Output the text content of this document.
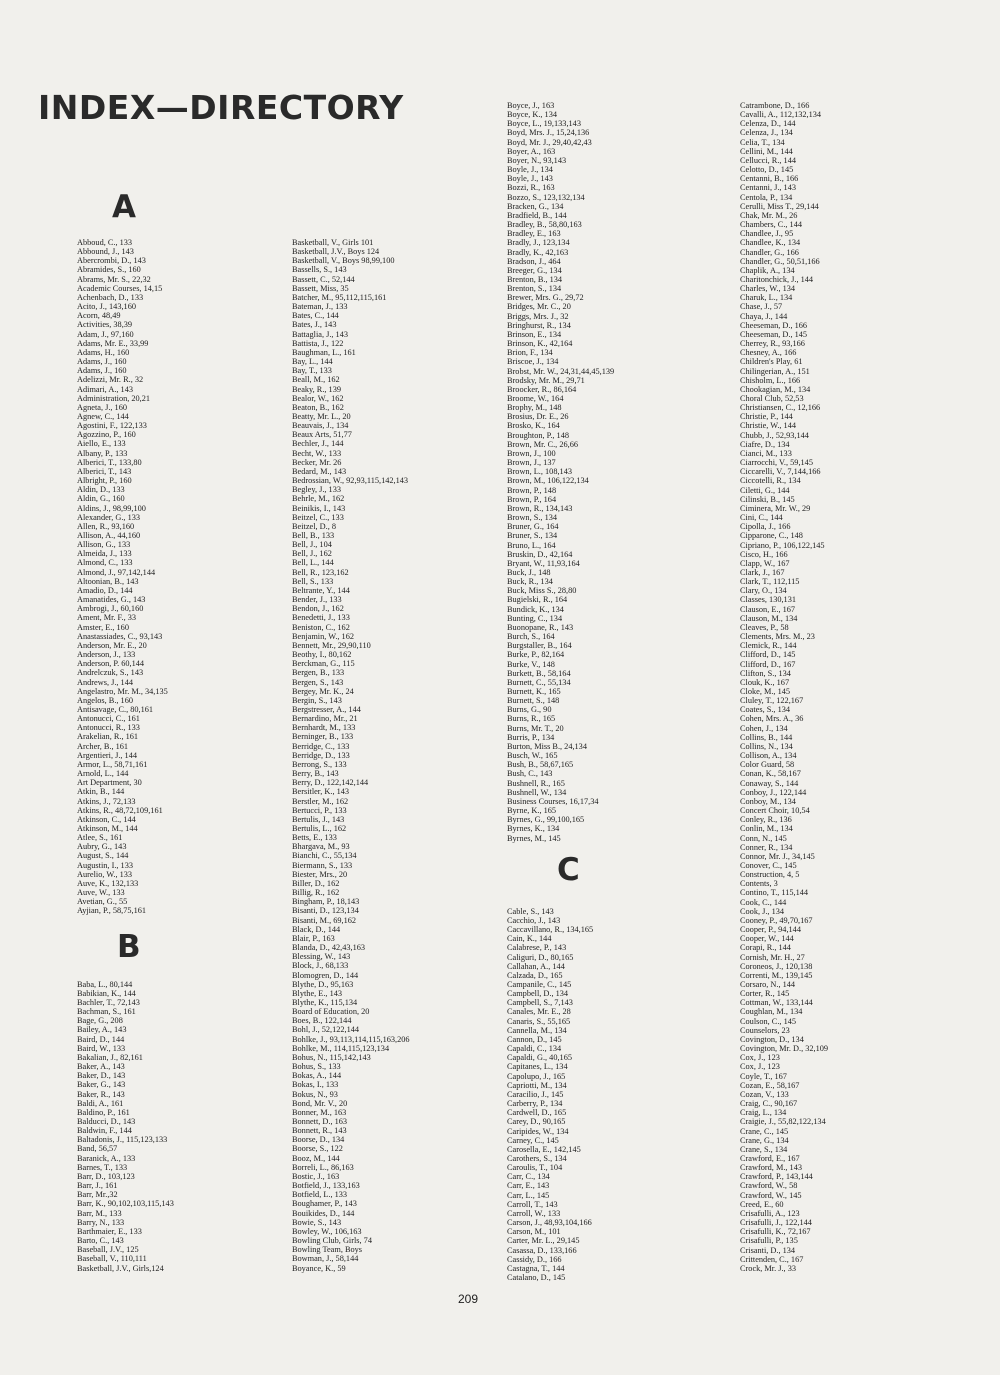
INDEX—DIRECTORY
Abboud, C., 133
Abbound, J., 143
Abercrombi, D., 143
Abramides, S., 160
Abrams, Mr. S., 22,32
Academic Courses, 14,15
Achenbach, D., 133
Acito, J., 143,160
Acorn, 48,49
Activities, 38,39
Adam, J., 97,160
Adams, Mr. E., 33,99
Adams, H., 160
Adams, J., 160
Adams, J., 160
Adelizzi, Mr. R., 32
Adimari, A., 143
Administration, 20,21
Agneta, J., 160
Agnew, C., 144
Agostini, F., 122,133
Agozzino, P., 160
Aiello, E., 133
Albany, P., 133
Alberici, T., 133,80
Alberici, T., 143
Albright, P., 160
Aldin, D., 133
Aldin, G., 160
Aldins, J., 98,99,100
Alexander, G., 133
Allen, R., 93,160
Allison, A., 44,160
Allison, G., 133
Almeida, J., 133
Almond, C., 133
Almond, J., 97,142,144
Altoonian, B., 143
Amadio, D., 144
Amanatides, G., 143
Ambrogi, J., 60,160
Ament, Mr. F., 33
Amster, E., 160
Anastassiades, C., 93,143
Anderson, Mr. E., 20
Anderson, J., 133
Anderson, P. 60,144
Andrelczuk, S., 143
Andrews, J., 144
Angelastro, Mr. M., 34,135
Angelos, B., 160
Antisavage, C., 80,161
Antonucci, C., 161
Antonucci, R., 133
Arakelian, R., 161
Archer, B., 161
Argentieri, J., 144
Armor, L., 58,71,161
Arnold, L., 144
Art Department, 30
Atkin, B., 144
Atkins, J., 72,133
Atkins, R., 48,72,109,161
Atkinson, C., 144
Atkinson, M., 144
Atlee, S., 161
Aubry, G., 143
August, S., 144
Augustin, I., 133
Aurelio, W., 133
Auve, K., 132,133
Auve, W., 133
Avetian, G., 55
Ayjian, P., 58,75,161
Baba, L., 80,144
Babikian, K., 144
Bachler, T., 72,143
Bachman, S., 161
Bage, G., 208
Bailey, A., 143
Baird, D., 144
Baird, W., 133
Bakalian, J., 82,161
Baker, A., 143
Baker, D., 143
Baker, G., 143
Baker, R., 143
Baldi, A., 161
Baldino, P., 161
Balducci, D., 143
Baldwin, F., 144
Baltadonis, J., 115,123,133
Band, 56,57
Baranick, A., 133
Barnes, T., 133
Barr, D., 103,123
Barr, J., 161
Barr, Mr.,32
Barr, K., 90,102,103,115,143
Barr, M., 133
Barry, N., 133
Barthmaier, E., 133
Barto, C., 143
Baseball, J.V., 125
Baseball, V., 110,111
Basketball, J.V., Girls,124
Basketball, V., Girls 101
Basketball, J.V., Boys 124
Basketball, V., Boys 98,99,100
Bassells, S., 143
Bassett, C., 52,144
Bassett, Miss, 35
Batcher, M., 95,112,115,161
Bateman, J., 133
Bates, C., 144
Bates, J., 143
Battaglia, J., 143
Battista, J., 122
Baughman, L., 161
Bay, L., 144
Bay, T., 133
Beall, M., 162
Beaky, R., 139
Bealor, W., 162
Beaton, B., 162
Beatty, Mr. L., 20
Beauvais, J., 134
Beaux Arts, 51,77
Bechler, J., 144
Becht, W., 133
Becker, Mr. 26
Bedard, M., 143
Bedrossian, W., 92,93,115,142,143
Begley, J., 133
Behrle, M., 162
Beinikis, I., 143
Beitzel, C., 133
Beitzel, D., 8
Bell, B., 133
Bell, J., 104
Bell, J., 162
Bell, L., 144
Bell, R., 123,162
Bell, S., 133
Beltrante, Y., 144
Bender, J., 133
Bendon, J., 162
Benedetti, J., 133
Beniston, C., 162
Benjamin, W., 162
Bennett, Mr., 29,90,110
Beothy, I., 80,162
Berckman, G., 115
Bergen, B., 133
Bergen, S., 143
Bergey, Mr. K., 24
Bergin, S., 143
Bergstresser, A., 144
Bernardino, Mr., 21
Bernhardt, M., 133
Berninger, B., 133
Berridge, C., 133
Berridge, D., 133
Berrong, S., 133
Berry, B., 143
Berry, D., 122,142,144
Bersitler, K., 143
Berstler, M., 162
Bertucci, P., 133
Bertulis, J., 143
Bertulis, L., 162
Betts, E., 133
Bhargava, M., 93
Bianchi, C., 55,134
Biermann, S., 133
Biester, Mrs., 20
Biller, D., 162
Billig, R., 162
Bingham, P., 18,143
Bisanti, D., 123,134
Bisanti, M., 69,162
Black, D., 144
Blair, P., 163
Blanda, D., 42,43,163
Blessing, W., 143
Block, J., 68,133
Blomogren, D., 144
Blythe, D., 95,163
Blythe, E., 143
Blythe, K., 115,134
Board of Education, 20
Boes, B., 122,144
Bohl, J., 52,122,144
Bohlke, J., 93,113,114,115,163,206
Bohlke, M., 114,115,123,134
Bohus, N., 115,142,143
Bohus, S., 133
Bokas, A., 144
Bokas, I., 133
Bokus, N., 93
Bond, Mr. V., 20
Bonner, M., 163
Bonnett, D., 163
Bonnett, R., 143
Boorse, D., 134
Boorse, S., 122
Booz, M., 144
Borreli, L., 86,163
Bostic, J., 163
Botfield, J., 133,163
Botfield, L., 133
Boughamer, P., 143
Bouikides, D., 144
Bowie, S., 143
Bowley, W., 106,163
Bowling Club, Girls, 74
Bowling Team, Boys
Bowman, J., 58,144
Boyance, K., 59
Boyce, J., 163
Boyce, K., 134
Boyce, L., 19,133,143
Boyd, Mrs. J., 15,24,136
Boyd, Mr. J., 29,40,42,43
Boyer, A., 163
Boyer, N., 93,143
Boyle, J., 134
Boyle, J., 143
Bozzi, R., 163
Bozzo, S., 123,132,134
Bracken, G., 134
Bradfield, B., 144
Bradley, B., 58,80,163
Bradley, E., 163
Bradly, J., 123,134
Bradly, K., 42,163
Bradson, J., 464
Breeger, G., 134
Brenton, B., 134
Brenton, S., 134
Brewer, Mrs. G., 29,72
Bridges, Mr. C., 20
Briggs, Mrs. J., 32
Bringhurst, R., 134
Brinson, E., 134
Brinson, K., 42,164
Brion, F., 134
Briscoe, J., 134
Brobst, Mr. W., 24,31,44,45,139
Brodsky, Mr. M., 29,71
Broocker, R., 86,164
Broome, W., 164
Brophy, M., 148
Brosius, Dr. E., 26
Brosko, K., 164
Broughton, P., 148
Brown, Mr. C., 26,66
Brown, J., 100
Brown, J., 137
Brown, L., 108,143
Brown, M., 106,122,134
Brown, P., 148
Brown, P., 164
Brown, R., 134,143
Brown, S., 134
Bruner, G., 164
Bruner, S., 134
Bruno, L., 164
Bruskin, D., 42,164
Bryant, W., 11,93,164
Buck, J., 148
Buck, R., 134
Buck, Miss S., 28,80
Bugielski, R., 164
Bundick, K., 134
Bunting, C., 134
Buonopane, R., 143
Burch, S., 164
Burgstaller, B., 164
Burke, P., 82,164
Burke, V., 148
Burkett, B., 58,164
Burnett, C., 55,134
Burnett, K., 165
Burnett, S., 148
Burns, G., 90
Burns, R., 165
Burns, Mr. T., 20
Burris, P., 134
Burton, Miss B., 24,134
Busch, W., 165
Bush, B., 58,67,165
Bush, C., 143
Bushnell, R., 165
Bushnell, W., 134
Business Courses, 16,17,34
Byrne, K., 165
Byrnes, G., 99,100,165
Byrnes, K., 134
Byrnes, M., 145
Cable, S., 143
Cacchio, J., 143
Caccavillano, R., 134,165
Cain, K., 144
Calabrese, P., 143
Caliguri, D., 80,165
Callahan, A., 144
Calzada, D., 165
Campanile, C., 145
Campbell, D., 134
Campbell, S., 7,143
Canales, Mr. E., 28
Canaris, S., 55,165
Cannella, M., 134
Cannon, D., 145
Capaldi, C., 134
Capaldi, G., 40,165
Capitanes, L., 134
Capolupo, J., 165
Capriotti, M., 134
Caracilio, J., 145
Carberry, P., 134
Cardwell, D., 165
Carey, D., 90,165
Caripides, W., 134
Carney, C., 145
Carosella, E., 142,145
Carothers, S., 134
Caroulis, T., 104
Carr, C., 134
Carr, E., 143
Carr, L., 145
Carroll, T., 143
Carroll, W., 133
Carson, J., 48,93,104,166
Carson, M., 101
Carter, Mr. L., 29,145
Casassa, D., 133,166
Cassidy, D., 166
Castagna, T., 144
Catalano, D., 145
Catrambone, D., 166
Cavalli, A., 112,132,134
Celenza, D., 144
Celenza, J., 134
Celia, T., 134
Cellini, M., 144
Cellucci, R., 144
Celotto, D., 145
Centanni, B., 166
Centanni, J., 143
Centola, P., 134
Cerulli, Miss T., 29,144
Chak, Mr. M., 26
Chambers, C., 144
Chandlee, J., 95
Chandlee, K., 134
Chandler, G., 166
Chandler, G., 50,51,166
Chaplik, A., 134
Charitonchick, J., 144
Charles, W., 134
Charuk, L., 134
Chase, J., 57
Chaya, J., 144
Cheeseman, D., 166
Cheeseman, D., 145
Cherrey, R., 93,166
Chesney, A., 166
Children's Play, 61
Chilingerian, A., 151
Chisholm, L., 166
Chookagian, M., 134
Choral Club, 52,53
Christiansen, C., 12,166
Christie, P., 144
Christie, W., 144
Chubb, J., 52,93,144
Ciafre, D., 134
Cianci, M., 133
Ciarrocchi, V., 59,145
Ciccarelli, V., 7,144,166
Ciccotelli, R., 134
Ciletti, G., 144
Cilinski, B., 145
Ciminera, Mr. W., 29
Cini, C., 144
Cipolla, J., 166
Cipparone, C., 148
Cipriano, P., 106,122,145
Cisco, H., 166
Clapp, W., 167
Clark, J., 167
Clark, T., 112,115
Clary, O., 134
Classes, 130,131
Clauson, E., 167
Clauson, M., 134
Cleaves, P., 58
Clements, Mrs. M., 23
Clemick, R., 144
Clifford, D., 145
Clifford, D., 167
Clifton, S., 134
Clouk, K., 167
Cloke, M., 145
Cluley, T., 122,167
Coates, S., 134
Cohen, Mrs. A., 36
Cohen, J., 134
Collins, B., 144
Collins, N., 134
Collison, A., 134
Color Guard, 58
Conan, K., 58,167
Conaway, S., 144
Conboy, J., 122,144
Conboy, M., 134
Concert Choir, 10,54
Conley, R., 136
Conlin, M., 134
Conn, N., 145
Conner, R., 134
Connor, Mr. J., 34,145
Conover, C., 145
Construction, 4, 5
Contents, 3
Contino, T., 115,144
Cook, C., 144
Cook, J., 134
Cooney, P., 49,70,167
Cooper, P., 94,144
Cooper, W., 144
Corapi, R., 144
Cornish, Mr. H., 27
Coroneos, J., 120,138
Correnti, M., 139,145
Corsaro, N., 144
Corter, R., 145
Cottman, W., 133,144
Coughlan, M., 134
Coulson, C., 145
Counselors, 23
Covington, D., 134
Covington, Mr. D., 32,109
Cox, J., 123
Cox, J., 123
Coyle, T., 167
Cozan, E., 58,167
Cozan, V., 133
Craig, C., 90,167
Craig, L., 134
Craigie, J., 55,82,122,134
Crane, C., 145
Crane, G., 134
Crane, S., 134
Crawford, E., 167
Crawford, M., 143
Crawford, P., 143,144
Crawford, W., 58
Crawford, W., 145
Creed, E., 60
Crisafulli, A., 123
Crisafulli, J., 122,144
Crisafulli, K., 72,167
Crisafulli, P., 135
Crisanti, D., 134
Crittenden, C., 167
Crock, Mr. J., 33
A
B
C
209
